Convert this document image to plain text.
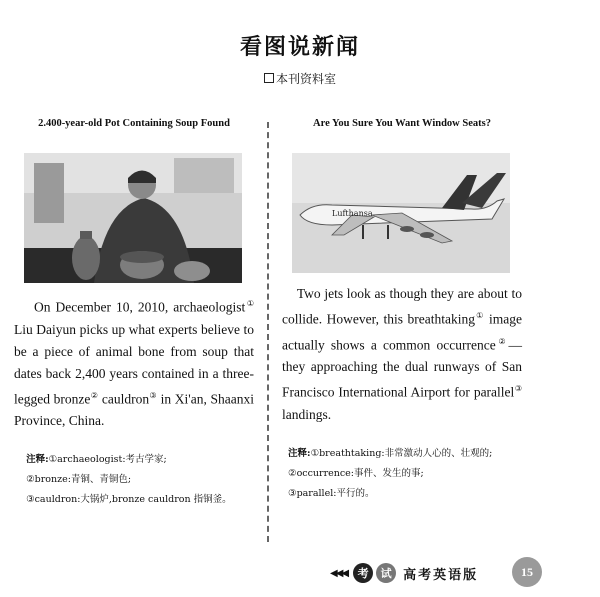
看图说新闻
本刊资料室
2.400-year-old Pot Containing Soup Found

On December 10, 2010, archaeologist① Liu Daiyun picks up what experts believe to be a piece of animal bone from soup that dates back 2,400 years contained in a three-legged bronze② cauldron③ in Xi'an, Shaanxi Province, China.

注释:①archaeologist:考古学家;
②bronze:青铜、青铜色;
③cauldron:大锅炉,bronze cauldron 指铜釜。
Are You Sure You Want Window Seats?
Lufthansa

Two jets look as though they are about to collide. However, this breathtaking① image actually shows a common occurrence②— they approaching the dual runways of San Francisco International Airport for parallel③ landings.

注释:①breathtaking:非常激动人心的、壮观的;
②occurrence:事件、发生的事;
③parallel:平行的。
◀◀◀ 考	试 高考英语版	15
